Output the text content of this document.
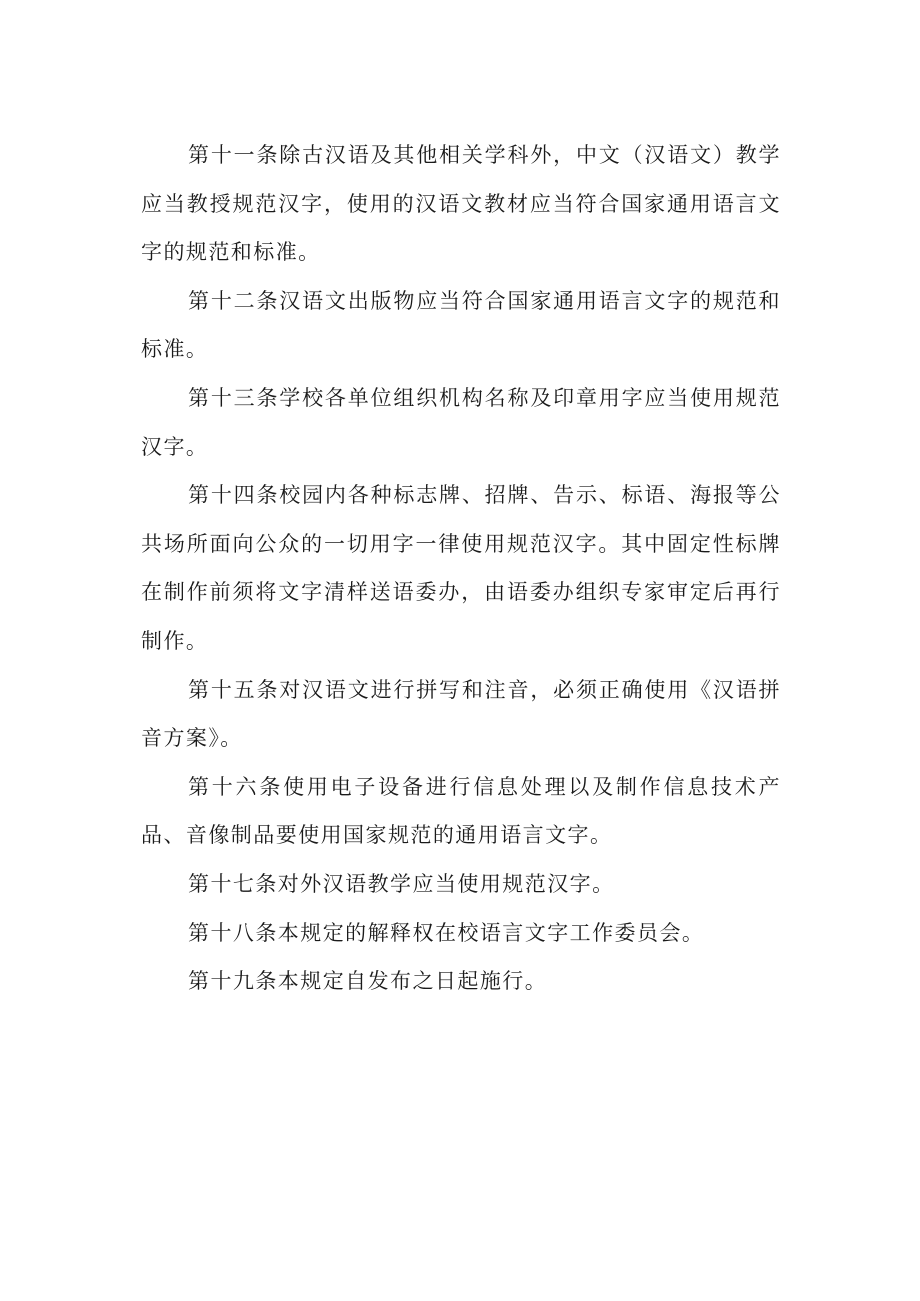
第十一条除古汉语及其他相关学科外，中文（汉语文）教学应当教授规范汉字，使用的汉语文教材应当符合国家通用语言文字的规范和标准。

第十二条汉语文出版物应当符合国家通用语言文字的规范和标准。

第十三条学校各单位组织机构名称及印章用字应当使用规范汉字。

第十四条校园内各种标志牌、招牌、告示、标语、海报等公共场所面向公众的一切用字一律使用规范汉字。其中固定性标牌在制作前须将文字清样送语委办，由语委办组织专家审定后再行制作。

第十五条对汉语文进行拼写和注音，必须正确使用《汉语拼音方案》。

第十六条使用电子设备进行信息处理以及制作信息技术产品、音像制品要使用国家规范的通用语言文字。

第十七条对外汉语教学应当使用规范汉字。

第十八条本规定的解释权在校语言文字工作委员会。

第十九条本规定自发布之日起施行。
